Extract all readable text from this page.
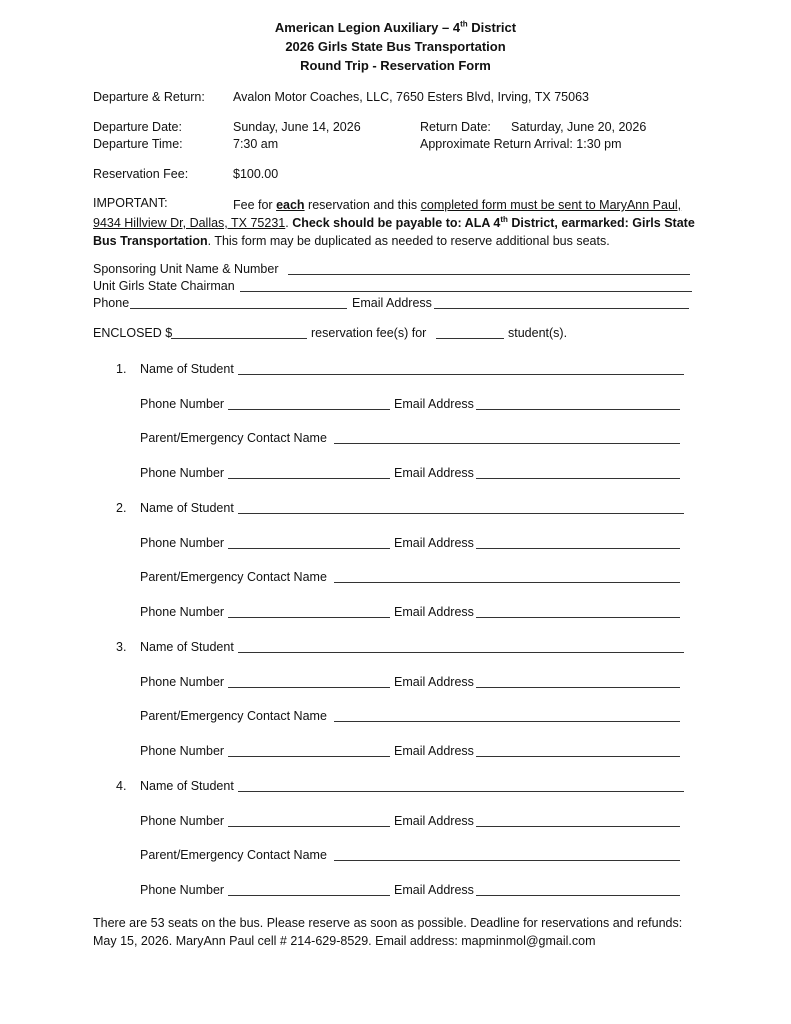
American Legion Auxiliary – 4th District
2026 Girls State Bus Transportation
Round Trip - Reservation Form
Departure & Return: Avalon Motor Coaches, LLC, 7650 Esters Blvd, Irving, TX 75063
Departure Date:	Sunday, June 14, 2026	Return Date: Saturday, June 20, 2026
Departure Time:	7:30 am	Approximate Return Arrival: 1:30 pm
Reservation Fee:	$100.00
IMPORTANT:	Fee for each reservation and this completed form must be sent to MaryAnn Paul, 9434 Hillview Dr, Dallas, TX 75231. Check should be payable to: ALA 4th District, earmarked: Girls State Bus Transportation. This form may be duplicated as needed to reserve additional bus seats.
Sponsoring Unit Name & Number
Unit Girls State Chairman
Phone	Email Address
ENCLOSED $	reservation fee(s) for	student(s).
1. Name of Student
Phone Number	Email Address
Parent/Emergency Contact Name
Phone Number	Email Address
2. Name of Student
Phone Number	Email Address
Parent/Emergency Contact Name
Phone Number	Email Address
3. Name of Student
Phone Number	Email Address
Parent/Emergency Contact Name
Phone Number	Email Address
4. Name of Student
Phone Number	Email Address
Parent/Emergency Contact Name
Phone Number	Email Address
There are 53 seats on the bus. Please reserve as soon as possible. Deadline for reservations and refunds:
May 15, 2026. MaryAnn Paul cell # 214-629-8529. Email address: mapminmol@gmail.com
